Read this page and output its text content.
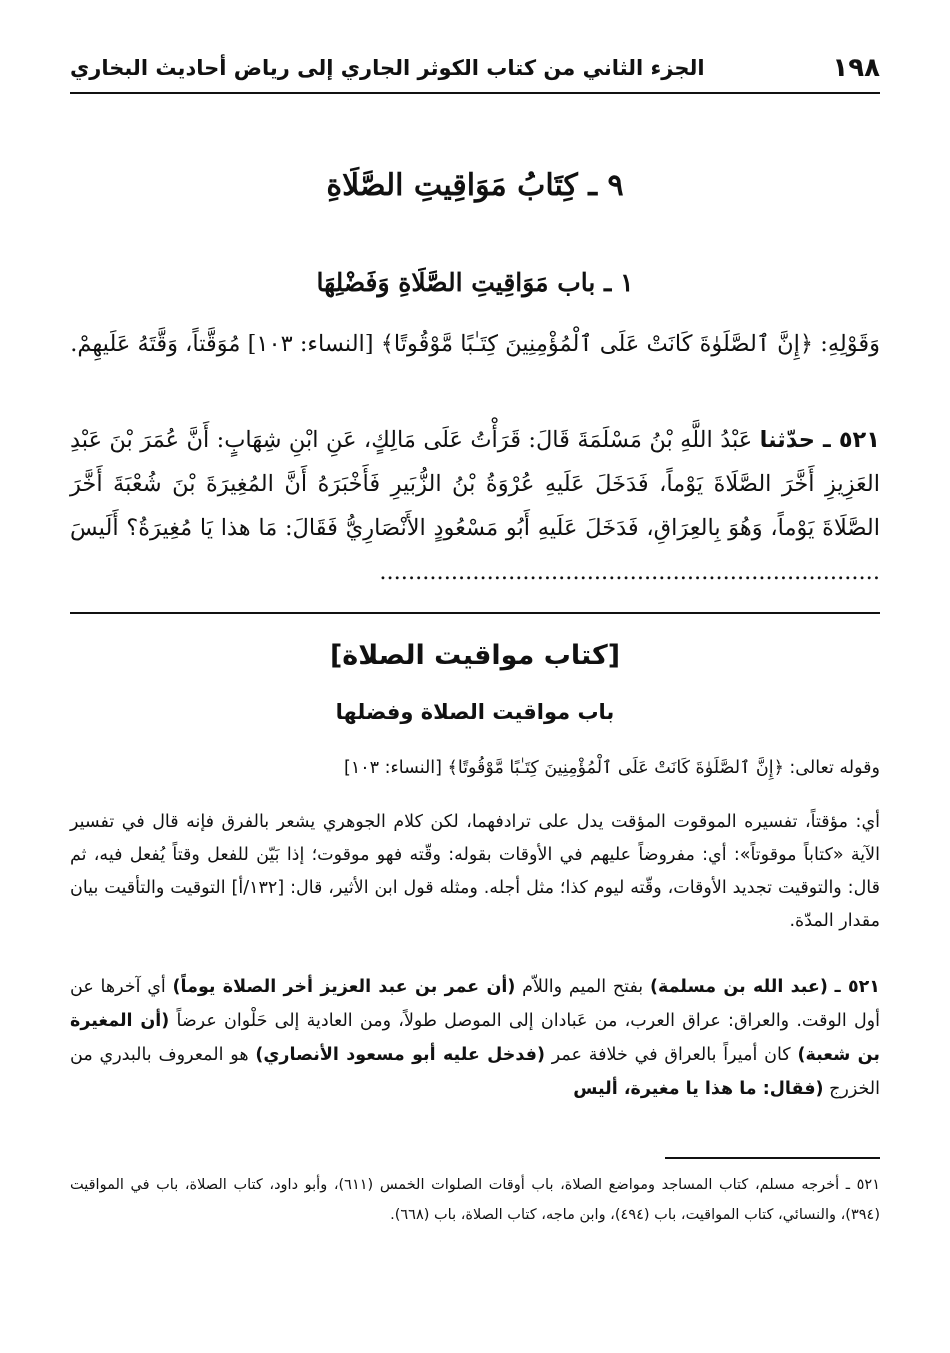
١٩٨
الجزء الثاني من كتاب الكوثر الجاري إلى رياض أحاديث البخاري
٩ ـ كِتَابُ مَوَاقِيتِ الصَّلَاةِ
١ ـ باب مَوَاقِيتِ الصَّلَاةِ وَفَضْلِهَا
وَقَوْلِهِ: ﴿إِنَّ ٱلصَّلَوٰةَ كَانَتْ عَلَى ٱلْمُؤْمِنِينَ كِتَـٰبًا مَّوْقُوتًا﴾ [النساء: ١٠٣] مُوَقَّتاً، وَقَّتَهُ عَلَيهِمْ.
٥٢١ ـ حدّثنا عَبْدُ اللَّهِ بْنُ مَسْلَمَةَ قَالَ: قَرَأْتُ عَلَى مَالِكٍ، عَنِ ابْنِ شِهَابٍ: أَنَّ عُمَرَ بْنَ عَبْدِ العَزِيزِ أَخَّرَ الصَّلَاةَ يَوْماً، فَدَخَلَ عَلَيهِ عُرْوَةُ بْنُ الزُّبَيرِ فَأَخْبَرَهُ أَنَّ المُغِيرَةَ بْنَ شُعْبَةَ أَخَّرَ الصَّلَاةَ يَوْماً، وَهُوَ بِالعِرَاقِ، فَدَخَلَ عَلَيهِ أَبُو مَسْعُودٍ الأَنْصَارِيُّ فَقَالَ: مَا هذا يَا مُغِيرَةُ؟ أَلَيسَ ......................................................................
[كتاب مواقيت الصلاة]
باب مواقيت الصلاة وفضلها
وقوله تعالى: ﴿إِنَّ ٱلصَّلَوٰةَ كَانَتْ عَلَى ٱلْمُؤْمِنِينَ كِتَـٰبًا مَّوْقُوتًا﴾ [النساء: ١٠٣]
أي: مؤقتاً، تفسيره الموقوت المؤقت يدل على ترادفهما، لكن كلام الجوهري يشعر بالفرق فإنه قال في تفسير الآية «كتاباً موقوتاً»: أي: مفروضاً عليهم في الأوقات بقوله: وقّته فهو موقوت؛ إذا بَيّن للفعل وقتاً يُفعل فيه، ثم قال: والتوقيت تجديد الأوقات، وقّته ليوم كذا؛ مثل أجله. ومثله قول ابن الأثير، قال: [١٣٢/أ] التوقيت والتأقيت بيان مقدار المدّة.
٥٢١ ـ (عبد الله بن مسلمة) بفتح الميم واللاّم (أن عمر بن عبد العزيز أخر الصلاة يوماً) أي آخرها عن أول الوقت. والعراق: عراق العرب، من عَبادان إلى الموصل طولاً، ومن العادية إلى حَلْوان عرضاً (أن المغيرة بن شعبة) كان أميراً بالعراق في خلافة عمر (فدخل عليه أبو مسعود الأنصاري) هو المعروف بالبدري من الخزرج (فقال: ما هذا يا مغيرة، أليس
٥٢١ ـ أخرجه مسلم، كتاب المساجد ومواضع الصلاة، باب أوقات الصلوات الخمس (٦١١)، وأبو داود، كتاب الصلاة، باب في المواقيت (٣٩٤)، والنسائي، كتاب المواقيت، باب (٤٩٤)، وابن ماجه، كتاب الصلاة، باب (٦٦٨).
